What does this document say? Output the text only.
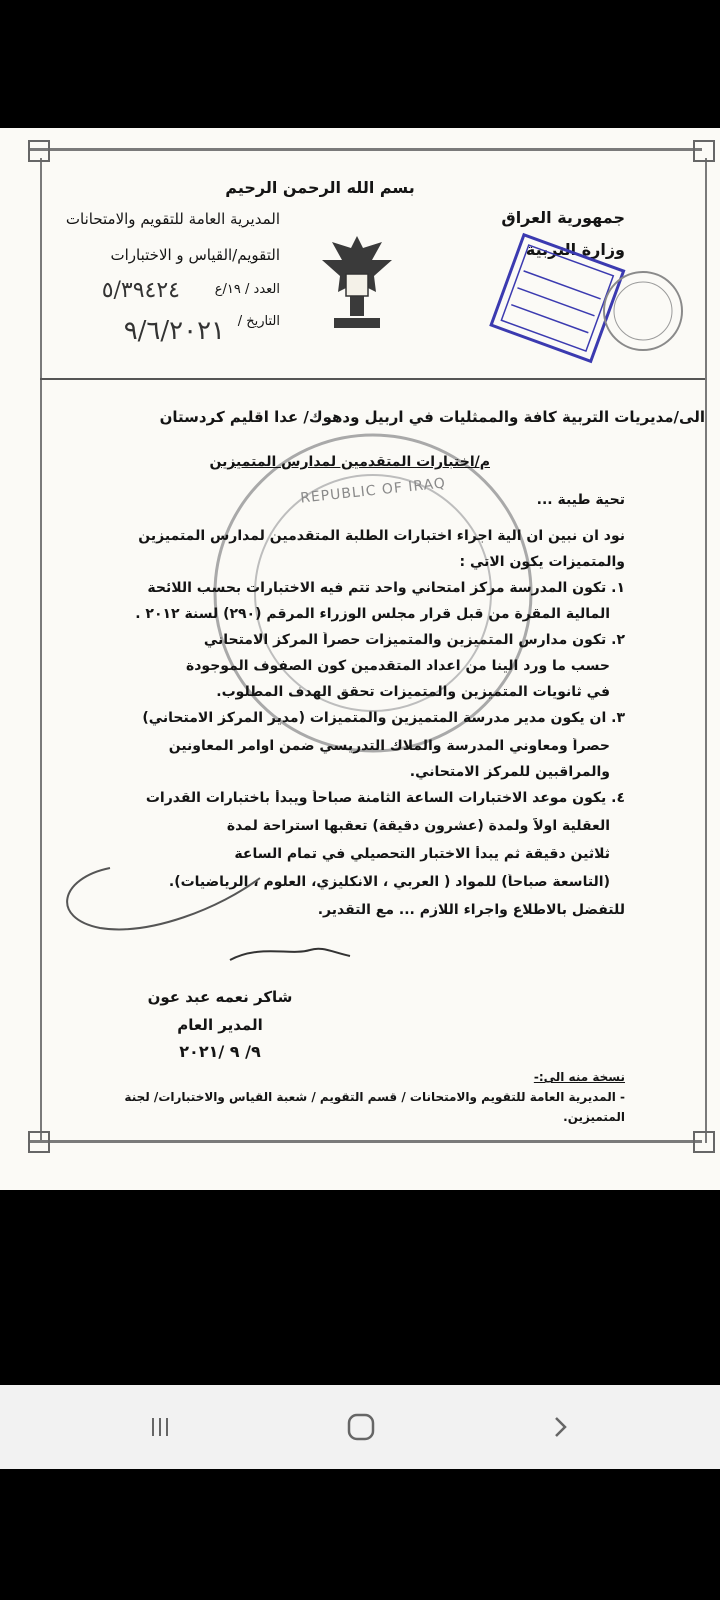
بسم الله الرحمن الرحيم
جمهورية العراق
وزارة التربية
المديرية العامة للتقويم والامتحانات
التقويم/القياس و الاختبارات
العدد / ١٩/ع
٥/٣٩٤٢٤
التاريخ /
٩/٦/٢٠٢١
REPUBLIC OF IRAQ
الى/مديريات التربية كافة والممثليات في اربيل ودهوك/ عدا اقليم كردستان
م/اختبارات المتقدمين لمدارس المتميزين
تحية طيبة ...
نود ان نبين ان الية اجراء اختبارات الطلبة المتقدمين لمدارس المتميزين
والمتميزات يكون الاتي :
١. تكون المدرسة مركز امتحاني واحد تتم فيه الاختبارات بحسب اللائحة
المالية المقرة من قبل قرار مجلس الوزراء المرقم (٢٩٠) لسنة ٢٠١٢ .
٢. تكون مدارس المتميزين والمتميزات حصراً المركز الامتحاني
حسب ما ورد الينا من اعداد المتقدمين كون الصفوف الموجودة
في ثانويات المتميزين والمتميزات تحقق الهدف المطلوب.
٣. ان يكون مدير مدرسة المتميزين والمتميزات (مدير المركز الامتحاني)
حصراً ومعاوني المدرسة والملاك التدريسي ضمن اوامر المعاونين
والمراقبين للمركز الامتحاني.
٤. يكون موعد الاختبارات الساعة الثامنة صباحاً ويبدأ باختبارات القدرات
العقلية اولاً ولمدة (عشرون دقيقة) تعقبها استراحة لمدة
ثلاثين دقيقة ثم يبدأ الاختبار التحصيلي في تمام الساعة
(التاسعة صباحاً) للمواد ( العربي ، الانكليزي، العلوم ، الرياضيات).
للتفضل بالاطلاع واجراء اللازم ... مع التقدير.
شاكر نعمه عبد عون
المدير العام
٩/ ٩ /٢٠٢١
نسخة منه الى:-
- المديرية العامة للتقويم والامتحانات / قسم التقويم / شعبة القياس والاختبارات/ لجنة
المتميزين.
